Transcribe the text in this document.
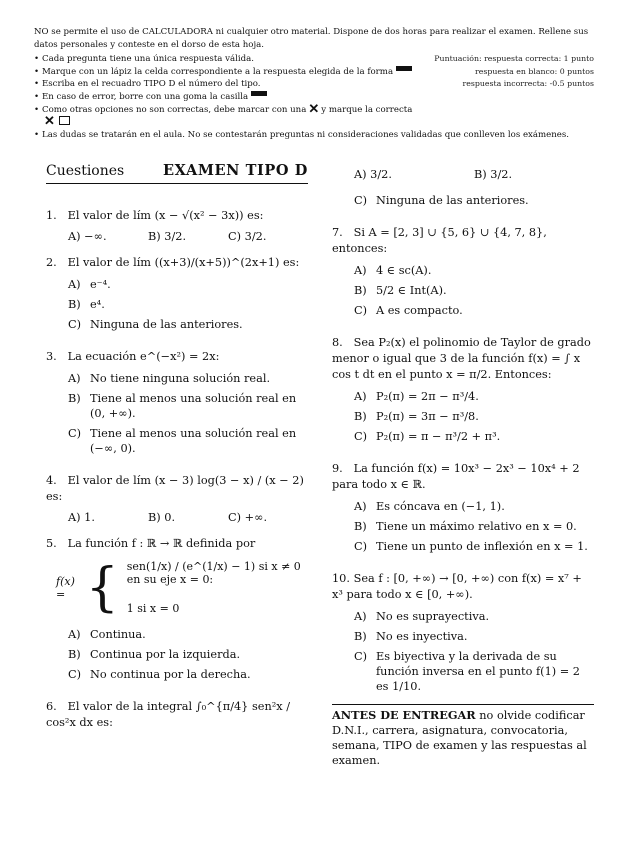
NO se permite el uso de CALCULADORA ni cualquier otro material. Dispone de dos horas para realizar el examen. Rellene sus datos personales y conteste en el dorso de esta hoja.

• Cada pregunta tiene una única respuesta válida.	Puntuación: respuesta correcta: 1 punto
• Marque con un lápiz la celda correspondiente a la respuesta elegida de la forma	respuesta en blanco: 0 puntos
• Escriba en el recuadro TIPO D el número del tipo.	respuesta incorrecta: -0.5 puntos
• En caso de error, borre con una goma la casilla
• Como otras opciones no son correctas, debe marcar con una ✕ y marque la correcta
✕
• Las dudas se tratarán en el aula. No se contestarán preguntas ni consideraciones validadas que conlleven los exámenes.
Cuestiones	EXAMEN TIPO D
1. El valor de lím (x − √(x² − 3x)) es:
A) −∞.	B) 3/2.	C) 3/2.
2. El valor de lím ((x+3)/(x+5))^(2x+1) es:
A) e⁻⁴.
B) e⁴.
C) Ninguna de las anteriores.
3. La ecuación e^(−x²) = 2x:
A) No tiene ninguna solución real.
B) Tiene al menos una solución real en (0, +∞).
C) Tiene al menos una solución real en (−∞, 0).
4. El valor de lím (x − 3) log(3 − x) / (x − 2) es:
A) 1.	B) 0.	C) +∞.
5. La función f : ℝ → ℝ definida por
f(x) = { sen(1/x) / (e^(1/x) − 1) si x ≠ 0 en su eje x = 0:
1 si x = 0
A) Continua.
B) Continua por la izquierda.
C) No continua por la derecha.
6. El valor de la integral ∫₀^{π/4} sen²x / cos²x dx es:
A) 3/2.	B) 3/2.
C) Ninguna de las anteriores.
7. Si A = [2, 3] ∪ {5, 6} ∪ {4, 7, 8}, entonces:
A) 4 ∈ sc(A).
B) 5/2 ∈ Int(A).
C) A es compacto.
8. Sea P₂(x) el polinomio de Taylor de grado menor o igual que 3 de la función f(x) = ∫ x cos t dt en el punto x = π/2. Entonces:
A) P₂(π) = 2π − π³/4.
B) P₂(π) = 3π − π³/8.
C) P₂(π) = π − π³/2 + π³.
9. La función f(x) = 10x³ − 2x³ − 10x⁴ + 2 para todo x ∈ ℝ.
A) Es cóncava en (−1, 1).
B) Tiene un máximo relativo en x = 0.
C) Tiene un punto de inflexión en x = 1.
10. Sea f : [0, +∞) → [0, +∞) con f(x) = x⁷ + x³ para todo x ∈ [0, +∞).
A) No es suprayectiva.
B) No es inyectiva.
C) Es biyectiva y la derivada de su función inversa en el punto f(1) = 2 es 1/10.
ANTES DE ENTREGAR no olvide codificar D.N.I., carrera, asignatura, convocatoria, semana, TIPO de examen y las respuestas al examen.
